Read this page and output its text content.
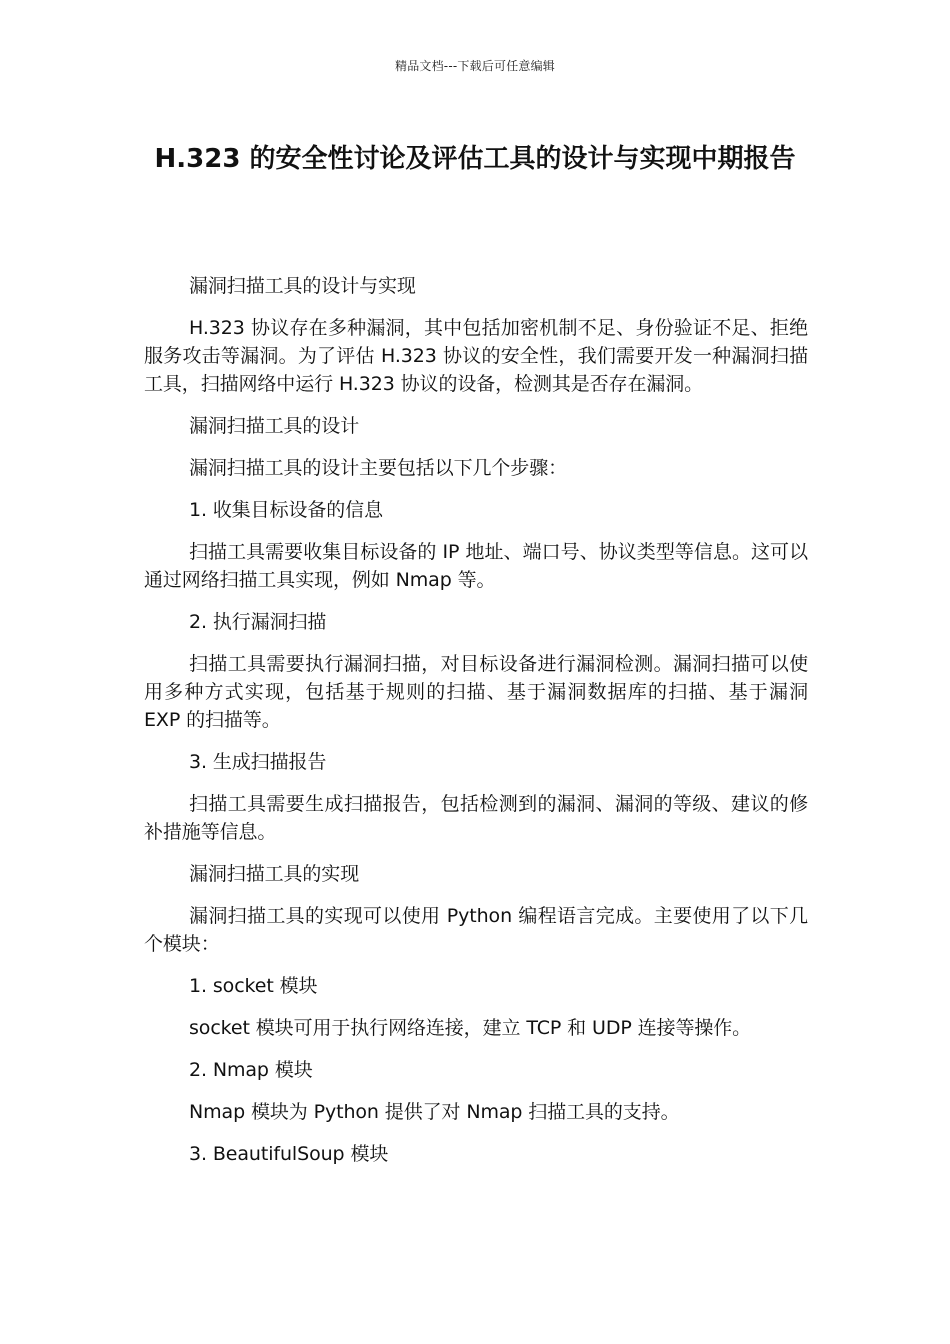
精品文档---下载后可任意编辑
H.323 的安全性讨论及评估工具的设计与实现中期报告

漏洞扫描工具的设计与实现

H.323 协议存在多种漏洞，其中包括加密机制不足、身份验证不足、拒绝服务攻击等漏洞。为了评估 H.323 协议的安全性，我们需要开发一种漏洞扫描工具，扫描网络中运行 H.323 协议的设备，检测其是否存在漏洞。

漏洞扫描工具的设计

漏洞扫描工具的设计主要包括以下几个步骤：

1. 收集目标设备的信息

扫描工具需要收集目标设备的 IP 地址、端口号、协议类型等信息。这可以通过网络扫描工具实现，例如 Nmap 等。

2. 执行漏洞扫描

扫描工具需要执行漏洞扫描，对目标设备进行漏洞检测。漏洞扫描可以使用多种方式实现，包括基于规则的扫描、基于漏洞数据库的扫描、基于漏洞 EXP 的扫描等。

3. 生成扫描报告

扫描工具需要生成扫描报告，包括检测到的漏洞、漏洞的等级、建议的修补措施等信息。

漏洞扫描工具的实现

漏洞扫描工具的实现可以使用 Python 编程语言完成。主要使用了以下几个模块：

1. socket 模块

socket 模块可用于执行网络连接，建立 TCP 和 UDP 连接等操作。

2. Nmap 模块

Nmap 模块为 Python 提供了对 Nmap 扫描工具的支持。

3. BeautifulSoup 模块
